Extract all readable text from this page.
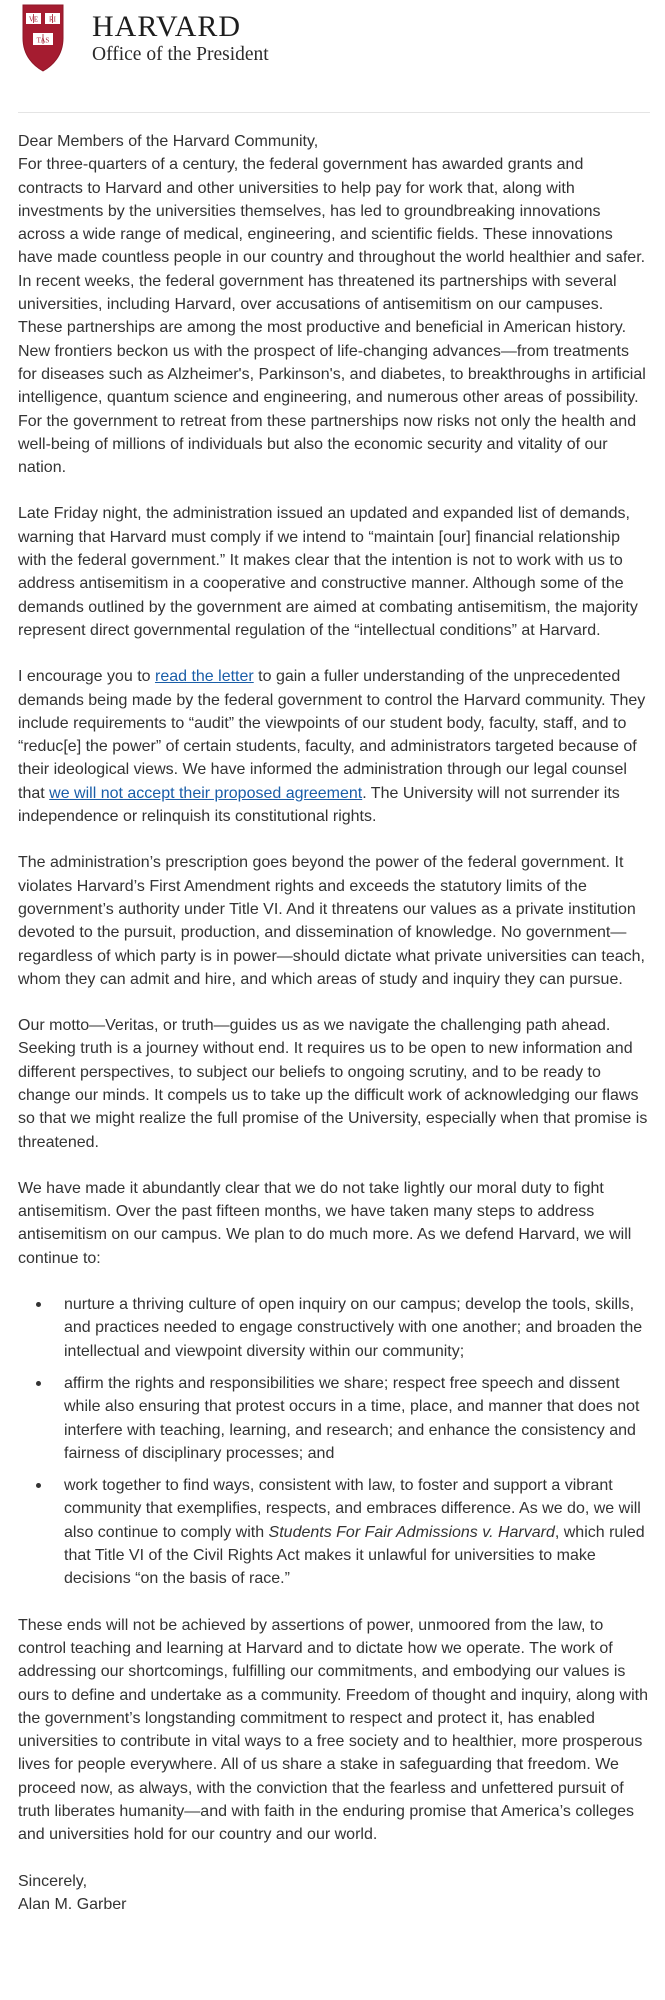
VE RI
TAS HARVARD
Office of the President

Dear Members of the Harvard Community,

For three-quarters of a century, the federal government has awarded grants and contracts to Harvard and other universities to help pay for work that, along with investments by the universities themselves, has led to groundbreaking innovations across a wide range of medical, engineering, and scientific fields. These innovations have made countless people in our country and throughout the world healthier and safer. In recent weeks, the federal government has threatened its partnerships with several universities, including Harvard, over accusations of antisemitism on our campuses. These partnerships are among the most productive and beneficial in American history. New frontiers beckon us with the prospect of life-changing advances—from treatments for diseases such as Alzheimer's, Parkinson's, and diabetes, to breakthroughs in artificial intelligence, quantum science and engineering, and numerous other areas of possibility. For the government to retreat from these partnerships now risks not only the health and well-being of millions of individuals but also the economic security and vitality of our nation.

Late Friday night, the administration issued an updated and expanded list of demands, warning that Harvard must comply if we intend to “maintain [our] financial relationship with the federal government.” It makes clear that the intention is not to work with us to address antisemitism in a cooperative and constructive manner. Although some of the demands outlined by the government are aimed at combating antisemitism, the majority represent direct governmental regulation of the “intellectual conditions” at Harvard.

I encourage you to read the letter to gain a fuller understanding of the unprecedented demands being made by the federal government to control the Harvard community. They include requirements to “audit” the viewpoints of our student body, faculty, staff, and to “reduc[e] the power” of certain students, faculty, and administrators targeted because of their ideological views. We have informed the administration through our legal counsel that we will not accept their proposed agreement. The University will not surrender its independence or relinquish its constitutional rights.

The administration’s prescription goes beyond the power of the federal government. It violates Harvard’s First Amendment rights and exceeds the statutory limits of the government’s authority under Title VI. And it threatens our values as a private institution devoted to the pursuit, production, and dissemination of knowledge. No government—regardless of which party is in power—should dictate what private universities can teach, whom they can admit and hire, and which areas of study and inquiry they can pursue.

Our motto—Veritas, or truth—guides us as we navigate the challenging path ahead. Seeking truth is a journey without end. It requires us to be open to new information and different perspectives, to subject our beliefs to ongoing scrutiny, and to be ready to change our minds. It compels us to take up the difficult work of acknowledging our flaws so that we might realize the full promise of the University, especially when that promise is threatened.

We have made it abundantly clear that we do not take lightly our moral duty to fight antisemitism. Over the past fifteen months, we have taken many steps to address antisemitism on our campus. We plan to do much more. As we defend Harvard, we will continue to:

nurture a thriving culture of open inquiry on our campus; develop the tools, skills, and practices needed to engage constructively with one another; and broaden the intellectual and viewpoint diversity within our community;
affirm the rights and responsibilities we share; respect free speech and dissent while also ensuring that protest occurs in a time, place, and manner that does not interfere with teaching, learning, and research; and enhance the consistency and fairness of disciplinary processes; and
work together to find ways, consistent with law, to foster and support a vibrant community that exemplifies, respects, and embraces difference. As we do, we will also continue to comply with Students For Fair Admissions v. Harvard, which ruled that Title VI of the Civil Rights Act makes it unlawful for universities to make decisions “on the basis of race.”

These ends will not be achieved by assertions of power, unmoored from the law, to control teaching and learning at Harvard and to dictate how we operate. The work of addressing our shortcomings, fulfilling our commitments, and embodying our values is ours to define and undertake as a community. Freedom of thought and inquiry, along with the government’s longstanding commitment to respect and protect it, has enabled universities to contribute in vital ways to a free society and to healthier, more prosperous lives for people everywhere. All of us share a stake in safeguarding that freedom. We proceed now, as always, with the conviction that the fearless and unfettered pursuit of truth liberates humanity—and with faith in the enduring promise that America’s colleges and universities hold for our country and our world.

Sincerely,

Alan M. Garber
